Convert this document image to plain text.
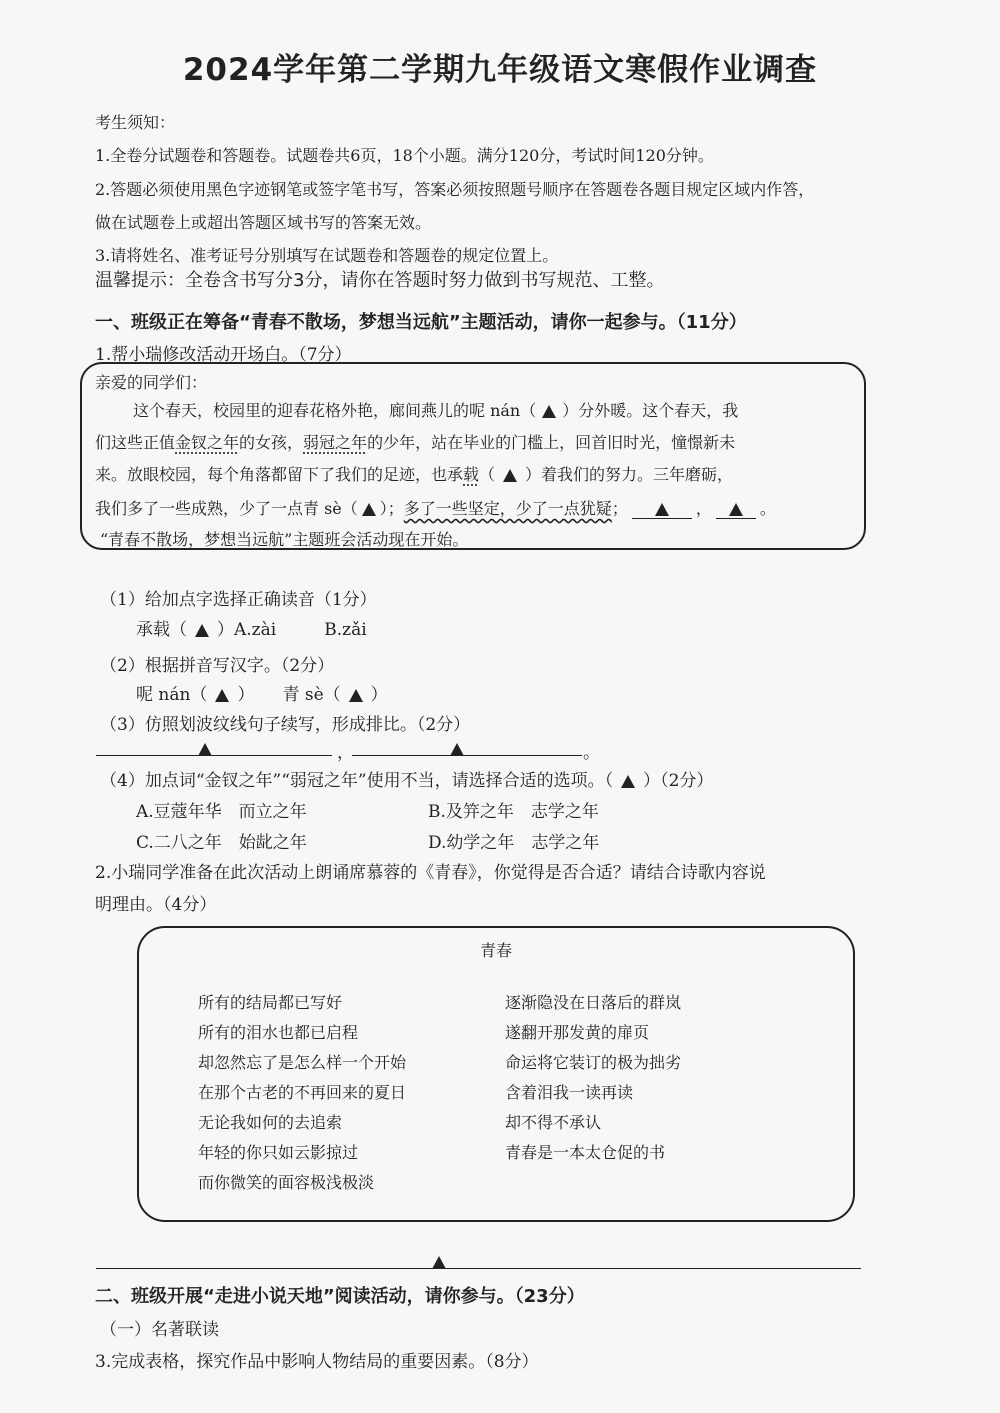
2024学年第二学期九年级语文寒假作业调查
考生须知：
1.全卷分试题卷和答题卷。试题卷共6页，18个小题。满分120分，考试时间120分钟。
2.答题必须使用黑色字迹钢笔或签字笔书写，答案必须按照题号顺序在答题卷各题目规定区域内作答，
做在试题卷上或超出答题区域书写的答案无效。
3.请将姓名、准考证号分别填写在试题卷和答题卷的规定位置上。
温馨提示：全卷含书写分3分，请你在答题时努力做到书写规范、工整。
一、班级正在筹备“青春不散场，梦想当远航”主题活动，请你一起参与。（11分）
1.帮小瑞修改活动开场白。（7分）
亲爱的同学们：
这个春天，校园里的迎春花格外艳，廊间燕儿的呢 nán（ ）分外暖。这个春天，我
们这些正值金钗之年的女孩，弱冠之年的少年，站在毕业的门槛上，回首旧时光，憧憬新未
来。放眼校园，每个角落都留下了我们的足迹，也承载（ ）着我们的努力。三年磨砺，
我们多了一些成熟，少了一点青 sè（ ）；多了一些坚定，少了一点犹疑；	，	。
“青春不散场，梦想当远航”主题班会活动现在开始。
（1）给加点字选择正确读音（1分）
承载（ ）A.zài	B.zǎi
（2）根据拼音写汉字。（2分）
呢 nán（ ） 青 sè（ ）
（3）仿照划波纹线句子续写，形成排比。（2分）
，	。
（4）加点词“金钗之年”“弱冠之年”使用不当，请选择合适的选项。（ ）（2分）
A.豆蔻年华　而立之年	B.及笄之年　志学之年
C.二八之年　始龀之年	D.幼学之年　志学之年
2.小瑞同学准备在此次活动上朗诵席慕蓉的《青春》，你觉得是否合适？请结合诗歌内容说
明理由。（4分）
青春
所有的结局都已写好
所有的泪水也都已启程
却忽然忘了是怎么样一个开始
在那个古老的不再回来的夏日
无论我如何的去追索
年轻的你只如云影掠过
而你微笑的面容极浅极淡
逐渐隐没在日落后的群岚
遂翻开那发黄的扉页
命运将它装订的极为拙劣
含着泪我一读再读
却不得不承认
青春是一本太仓促的书
二、班级开展“走进小说天地”阅读活动，请你参与。（23分）
（一）名著联读
3.完成表格，探究作品中影响人物结局的重要因素。（8分）
